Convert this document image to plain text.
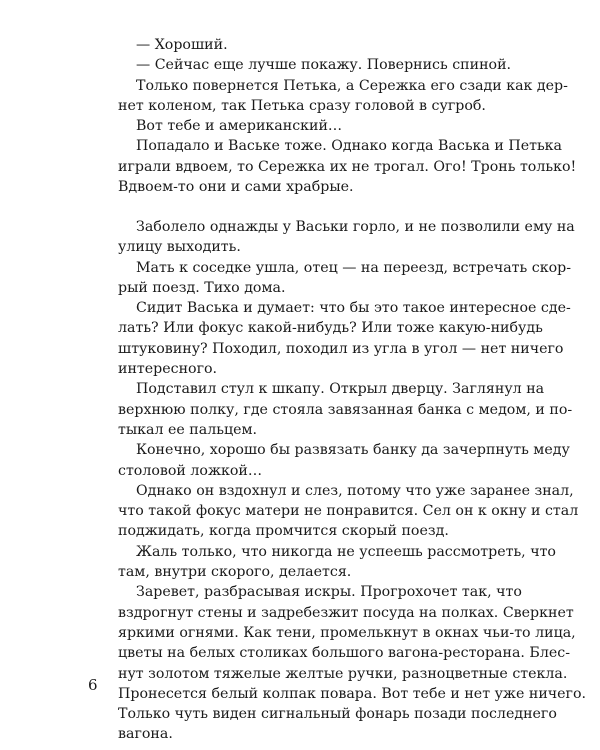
— Хороший.
— Сейчас еще лучше покажу. Повернись спиной.
Только повернется Петька, а Сережка его сзади как дер-
нет коленом, так Петька сразу головой в сугроб.
Вот тебе и американский…
Попадало и Ваське тоже. Однако когда Васька и Петька
играли вдвоем, то Сережка их не трогал. Ого! Тронь только!
Вдвоем-то они и сами храбрые.
Заболело однажды у Васьки горло, и не позволили ему на
улицу выходить.
Мать к соседке ушла, отец — на переезд, встречать скор-
рый поезд. Тихо дома.
Сидит Васька и думает: что бы это такое интересное сде-
лать? Или фокус какой-нибудь? Или тоже какую-нибудь
штуковину? Походил, походил из угла в угол — нет ничего
интересного.
Подставил стул к шкапу. Открыл дверцу. Заглянул на
верхнюю полку, где стояла завязанная банка с медом, и по-
тыкал ее пальцем.
Конечно, хорошо бы развязать банку да зачерпнуть меду
столовой ложкой…
Однако он вздохнул и слез, потому что уже заранее знал,
что такой фокус матери не понравится. Сел он к окну и стал
поджидать, когда промчится скорый поезд.
Жаль только, что никогда не успеешь рассмотреть, что
там, внутри скорого, делается.
Заревет, разбрасывая искры. Прогрохочет так, что
вздрогнут стены и задребезжит посуда на полках. Сверкнет
яркими огнями. Как тени, промелькнут в окнах чьи-то лица,
цветы на белых столиках большого вагона-ресторана. Блес-
нут золотом тяжелые желтые ручки, разноцветные стекла.
Пронесется белый колпак повара. Вот тебе и нет уже ничего.
Только чуть виден сигнальный фонарь позади последнего
вагона.
6
